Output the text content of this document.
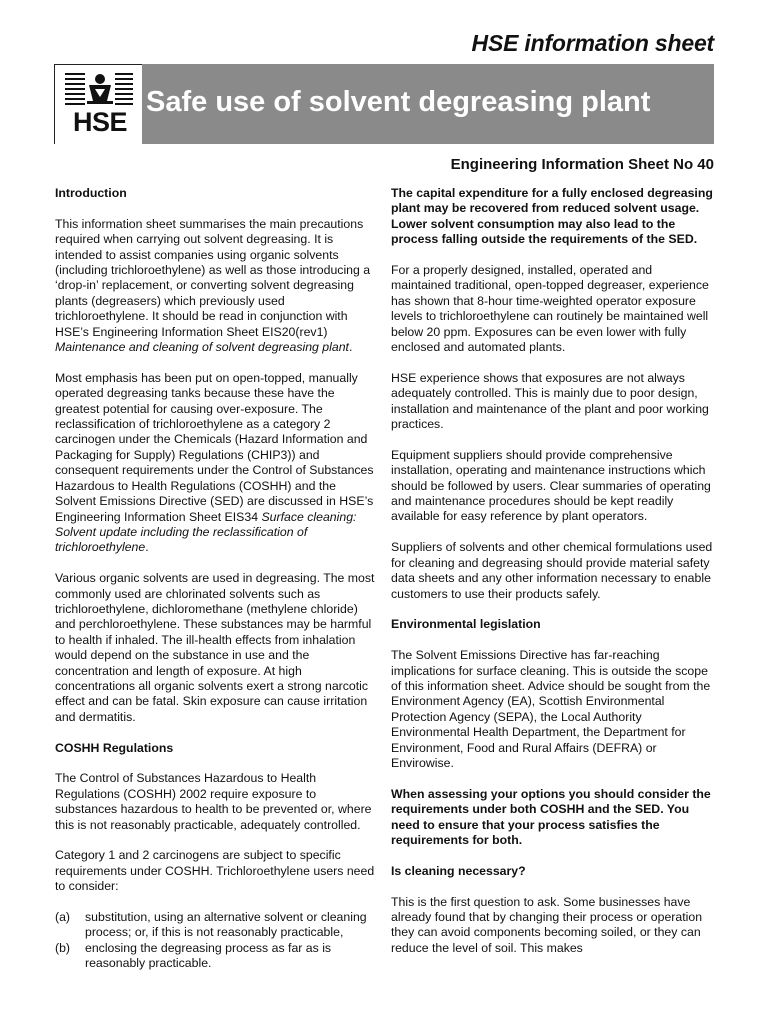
HSE information sheet
HSE
Safe use of solvent degreasing plant
Engineering Information Sheet No 40
Introduction

This information sheet summarises the main precautions required when carrying out solvent degreasing. It is intended to assist companies using organic solvents (including trichloroethylene) as well as those introducing a ‘drop-in’ replacement, or converting solvent degreasing plants (degreasers) which previously used trichloroethylene. It should be read in conjunction with HSE’s Engineering Information Sheet EIS20(rev1) Maintenance and cleaning of solvent degreasing plant.

Most emphasis has been put on open-topped, manually operated degreasing tanks because these have the greatest potential for causing over-exposure. The reclassification of trichloroethylene as a category 2 carcinogen under the Chemicals (Hazard Information and Packaging for Supply) Regulations (CHIP3)) and consequent requirements under the Control of Substances Hazardous to Health Regulations (COSHH) and the Solvent Emissions Directive (SED) are discussed in HSE’s Engineering Information Sheet EIS34 Surface cleaning: Solvent update including the reclassification of trichloroethylene.

Various organic solvents are used in degreasing. The most commonly used are chlorinated solvents such as trichloroethylene, dichloromethane (methylene chloride) and perchloroethylene. These substances may be harmful to health if inhaled. The ill-health effects from inhalation would depend on the substance in use and the concentration and length of exposure. At high concentrations all organic solvents exert a strong narcotic effect and can be fatal. Skin exposure can cause irritation and dermatitis.

COSHH Regulations

The Control of Substances Hazardous to Health Regulations (COSHH) 2002 require exposure to substances hazardous to health to be prevented or, where this is not reasonably practicable, adequately controlled.

Category 1 and 2 carcinogens are subject to specific requirements under COSHH. Trichloroethylene users need to consider:

(a)	substitution, using an alternative solvent or cleaning process; or, if this is not reasonably practicable,
(b)	enclosing the degreasing process as far as is reasonably practicable.

The capital expenditure for a fully enclosed degreasing plant may be recovered from reduced solvent usage. Lower solvent consumption may also lead to the process falling outside the requirements of the SED.

For a properly designed, installed, operated and maintained traditional, open-topped degreaser, experience has shown that 8-hour time-weighted operator exposure levels to trichloroethylene can routinely be maintained well below 20 ppm. Exposures can be even lower with fully enclosed and automated plants.

HSE experience shows that exposures are not always adequately controlled. This is mainly due to poor design, installation and maintenance of the plant and poor working practices.

Equipment suppliers should provide comprehensive installation, operating and maintenance instructions which should be followed by users. Clear summaries of operating and maintenance procedures should be kept readily available for easy reference by plant operators.

Suppliers of solvents and other chemical formulations used for cleaning and degreasing should provide material safety data sheets and any other information necessary to enable customers to use their products safely.

Environmental legislation

The Solvent Emissions Directive has far-reaching implications for surface cleaning. This is outside the scope of this information sheet. Advice should be sought from the Environment Agency (EA), Scottish Environmental Protection Agency (SEPA), the Local Authority Environmental Health Department, the Department for Environment, Food and Rural Affairs (DEFRA) or Envirowise.

When assessing your options you should consider the requirements under both COSHH and the SED. You need to ensure that your process satisfies the requirements for both.

Is cleaning necessary?

This is the first question to ask. Some businesses have already found that by changing their process or operation they can avoid components becoming soiled, or they can reduce the level of soil. This makes
